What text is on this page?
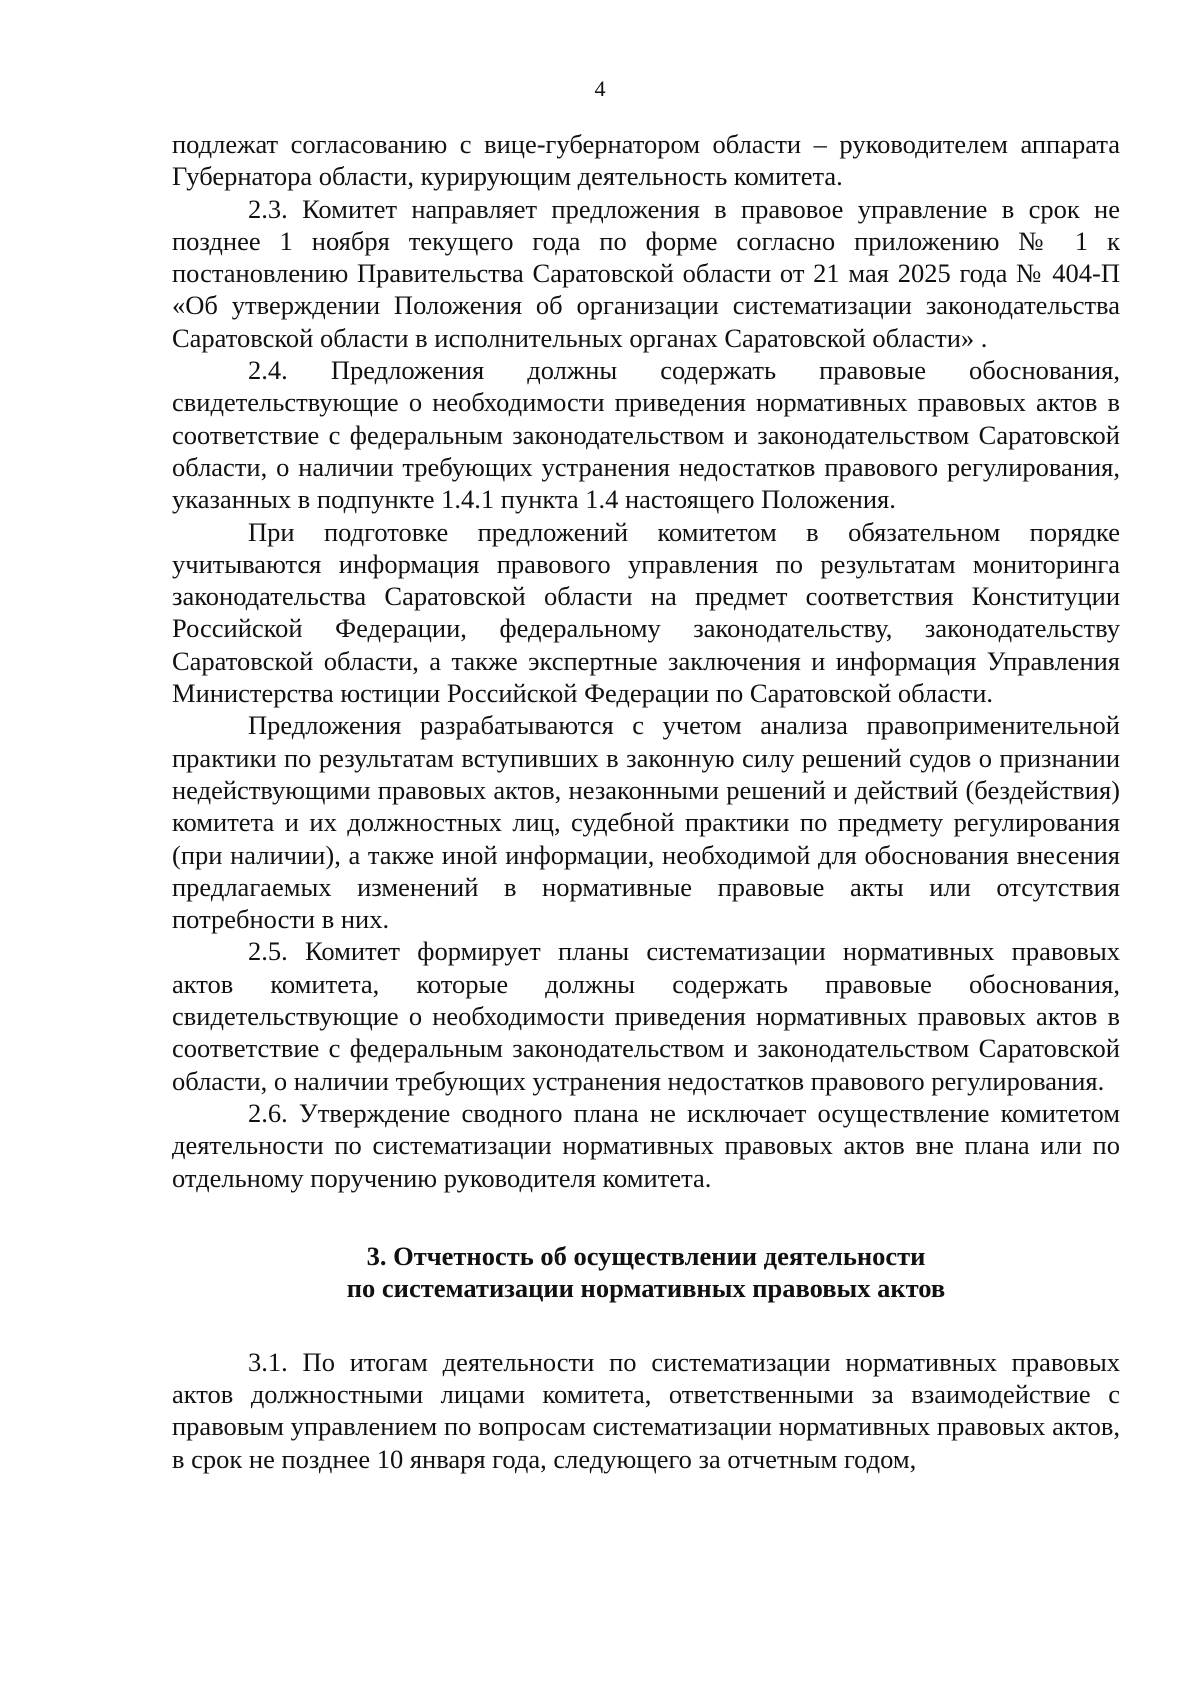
4

подлежат согласованию с вице-губернатором области – руководителем аппарата Губернатора области, курирующим деятельность комитета.

2.3. Комитет направляет предложения в правовое управление в срок не позднее 1 ноября текущего года по форме согласно приложению № 1 к постановлению Правительства Саратовской области от 21 мая 2025 года № 404-П «Об утверждении Положения об организации систематизации законодательства Саратовской области в исполнительных органах Саратовской области» .

2.4. Предложения должны содержать правовые обоснования, свидетельствующие о необходимости приведения нормативных правовых актов в соответствие с федеральным законодательством и законодательством Саратовской области, о наличии требующих устранения недостатков правового регулирования, указанных в подпункте 1.4.1 пункта 1.4 настоящего Положения.

При подготовке предложений комитетом в обязательном порядке учитываются информация правового управления по результатам мониторинга законодательства Саратовской области на предмет соответствия Конституции Российской Федерации, федеральному законодательству, законодательству Саратовской области, а также экспертные заключения и информация Управления Министерства юстиции Российской Федерации по Саратовской области.

Предложения разрабатываются с учетом анализа правоприменительной практики по результатам вступивших в законную силу решений судов о признании недействующими правовых актов, незаконными решений и действий (бездействия) комитета и их должностных лиц, судебной практики по предмету регулирования (при наличии), а также иной информации, необходимой для обоснования внесения предлагаемых изменений в нормативные правовые акты или отсутствия потребности в них.

2.5. Комитет формирует планы систематизации нормативных правовых актов комитета, которые должны содержать правовые обоснования, свидетельствующие о необходимости приведения нормативных правовых актов в соответствие с федеральным законодательством и законодательством Саратовской области, о наличии требующих устранения недостатков правового регулирования.

2.6. Утверждение сводного плана не исключает осуществление комитетом деятельности по систематизации нормативных правовых актов вне плана или по отдельному поручению руководителя комитета.

3. Отчетность об осуществлении деятельности
по систематизации нормативных правовых актов

3.1. По итогам деятельности по систематизации нормативных правовых актов должностными лицами комитета, ответственными за взаимодействие с правовым управлением по вопросам систематизации нормативных правовых актов, в срок не позднее 10 января года, следующего за отчетным годом,
